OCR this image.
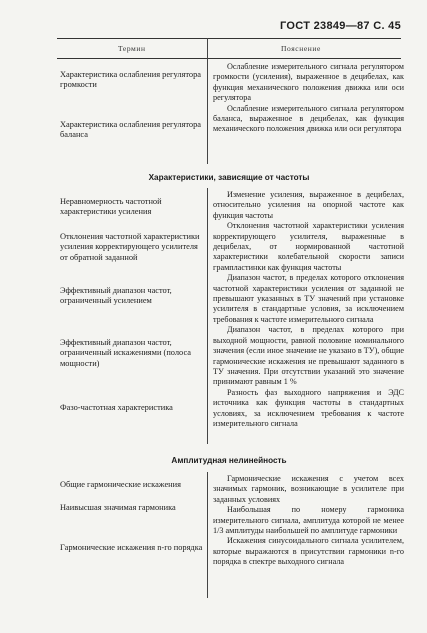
ГОСТ 23849—87 С. 45
Термин	Пояснение
Характеристика ослабления регулятора громкости
Характеристика ослабления регулятора баланса

Ослабление измерительного сигнала регулятором громкости (усиления), выраженное в децибелах, как функция механического положения движка или оси регулятора

Ослабление измерительного сигнала регулятором баланса, выраженное в децибелах, как функция механического положения движка или оси регулятора

Характеристики, зависящие от частоты
Неравномерность частотной характеристики усиления
Отклонения частотной характеристики усиления корректирующего усилителя от обратной заданной
Эффективный диапазон частот, ограниченный усилением
Эффективный диапазон частот, ограниченный искажениями (полоса мощности)
Фазо-частотная характеристика

Изменение усиления, выраженное в децибелах, относительно усиления на опорной частоте как функция частоты

Отклонения частотной характеристики усиления корректирующего усилителя, выраженные в децибелах, от нормированной частотной характеристики колебательной скорости записи грампластинки как функция частоты

Диапазон частот, в пределах которого отклонения частотной характеристики усиления от заданной не превышают указанных в ТУ значений при установке усилителя в стандартные условия, за исключением требования к частоте измерительного сигнала

Диапазон частот, в пределах которого при выходной мощности, равной половине номинального значения (если иное значение не указано в ТУ), общие гармонические искажения не превышают заданного в ТУ значения. При отсутствии указаний это значение принимают равным 1 %

Разность фаз выходного напряжения и ЭДС источника как функция частоты в стандартных условиях, за исключением требования к частоте измерительного сигнала

Амплитудная нелинейность
Общие гармонические искажения
Наивысшая значимая гармоника
Гармонические искажения n-го порядка

Гармонические искажения с учетом всех значимых гармоник, возникающие в усилителе при заданных условиях

Наибольшая по номеру гармоника измерительного сигнала, амплитуда которой не менее 1/3 амплитуды наибольшей по амплитуде гармоники

Искажения синусоидального сигнала усилителем, которые выражаются в присутствии гармоники n-го порядка в спектре выходного сигнала
